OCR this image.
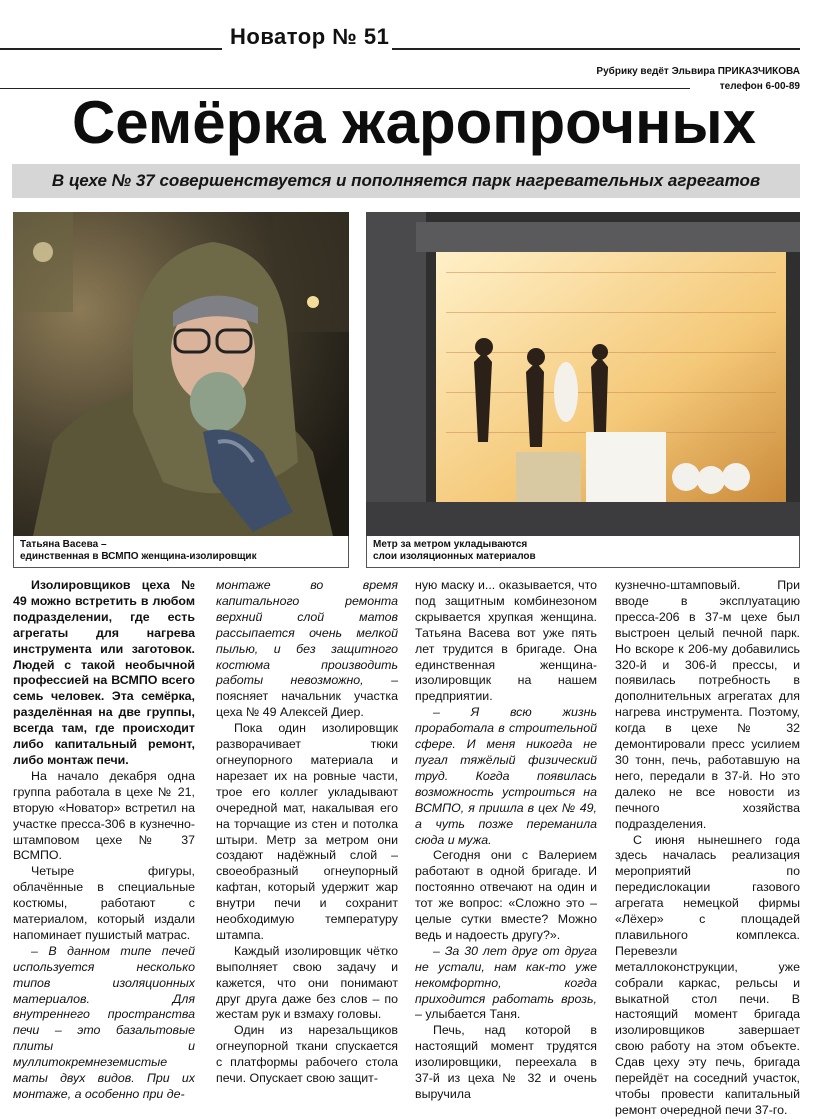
Новатор № 51
Рубрику ведёт Эльвира ПРИКАЗЧИКОВА
телефон 6-00-89
Семёрка жаропрочных
В цехе № 37 совершенствуется и пополняется парк нагревательных агрегатов
Татьяна Васева –
единственная в ВСМПО женщина-изолировщик
Метр за метром укладываются
слои изоляционных материалов

Изолировщиков цеха № 49 можно встретить в любом подразделении, где есть агрегаты для нагрева инструмента или заготовок. Людей с такой необычной профессией на ВСМПО всего семь человек. Эта семёрка, разделённая на две группы, всегда там, где происходит либо капитальный ремонт, либо монтаж печи.

На начало декабря одна группа работала в цехе № 21, вторую «Новатор» встретил на участке пресса-306 в кузнечно-штамповом цехе № 37 ВСМПО.

Четыре фигуры, облачённые в специальные костюмы, работают с материалом, который издали напоминает пушистый матрас.

– В данном типе печей используется несколько типов изоляционных материалов. Для внутреннего пространства печи – это базальтовые плиты и муллитокремнеземистые маты двух видов. При их монтаже, а особенно при де-

монтаже во время капитального ремонта верхний слой матов рассыпается очень мелкой пылью, и без защитного костюма производить работы невозможно, – поясняет начальник участка цеха № 49 Алексей Диер.

Пока один изолировщик разворачивает тюки огнеупорного материала и нарезает их на ровные части, трое его коллег укладывают очередной мат, накалывая его на торчащие из стен и потолка штыри. Метр за метром они создают надёжный слой – своеобразный огнеупорный кафтан, который удержит жар внутри печи и сохранит необходимую температуру штампа.

Каждый изолировщик чётко выполняет свою задачу и кажется, что они понимают друг друга даже без слов – по жестам рук и взмаху головы.

Один из нарезальщиков огнеупорной ткани спускается с платформы рабочего стола печи. Опускает свою защит-

ную маску и... оказывается, что под защитным комбинезоном скрывается хрупкая женщина. Татьяна Васева вот уже пять лет трудится в бригаде. Она единственная женщина-изолировщик на нашем предприятии.

– Я всю жизнь проработала в строительной сфере. И меня никогда не пугал тяжёлый физический труд. Когда появилась возможность устроиться на ВСМПО, я пришла в цех № 49, а чуть позже переманила сюда и мужа.

Сегодня они с Валерием работают в одной бригаде. И постоянно отвечают на один и тот же вопрос: «Сложно это – целые сутки вместе? Можно ведь и надоесть другу?».

– За 30 лет друг от друга не устали, нам как-то уже некомфортно, когда приходится работать врозь, – улыбается Таня.

Печь, над которой в настоящий момент трудятся изолировщики, переехала в 37-й из цеха № 32 и очень выручила

кузнечно-штамповый. При вводе в эксплуатацию пресса-206 в 37-м цехе был выстроен целый печной парк. Но вскоре к 206-му добавились 320-й и 306-й прессы, и появилась потребность в дополнительных агрегатах для нагрева инструмента. Поэтому, когда в цехе № 32 демонтировали пресс усилием 30 тонн, печь, работавшую на него, передали в 37-й. Но это далеко не все новости из печного хозяйства подразделения.

С июня нынешнего года здесь началась реализация мероприятий по передислокации газового агрегата немецкой фирмы «Лёхер» с площадей плавильного комплекса. Перевезли металлоконструкции, уже собрали каркас, рельсы и выкатной стол печи. В настоящий момент бригада изолировщиков завершает свою работу на этом объекте. Сдав цеху эту печь, бригада перейдёт на соседний участок, чтобы провести капитальный ремонт очередной печи 37-го.
